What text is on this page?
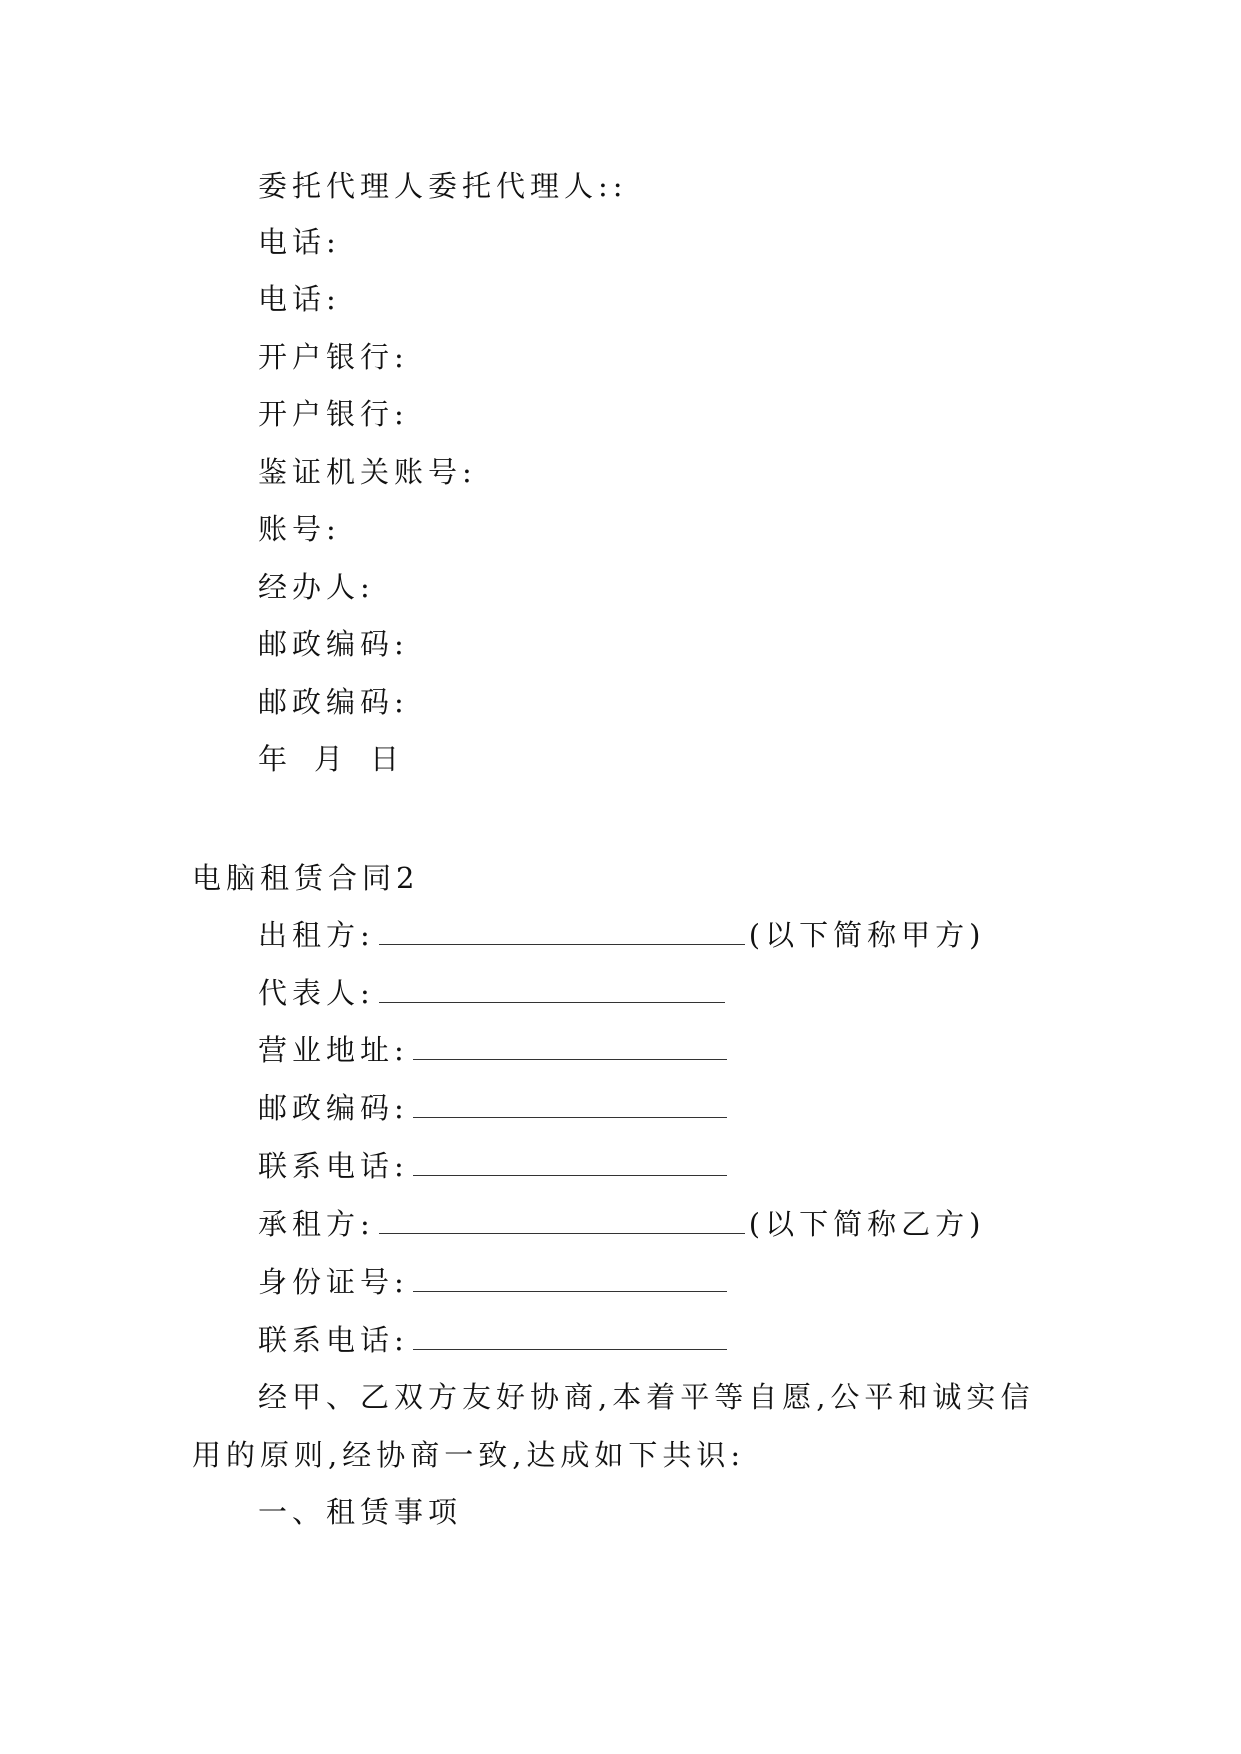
委托代理人委托代理人::
电话:
电话:
开户银行:
开户银行:
鉴证机关账号:
账号:
经办人:
邮政编码:
邮政编码:
年 月 日
电脑租赁合同2
出租方:	(以下简称甲方)
代表人:
营业地址:
邮政编码:
联系电话:
承租方:	(以下简称乙方)
身份证号:
联系电话:
经甲、乙双方友好协商,本着平等自愿,公平和诚实信用的原则,经协商一致,达成如下共识:
一、租赁事项
